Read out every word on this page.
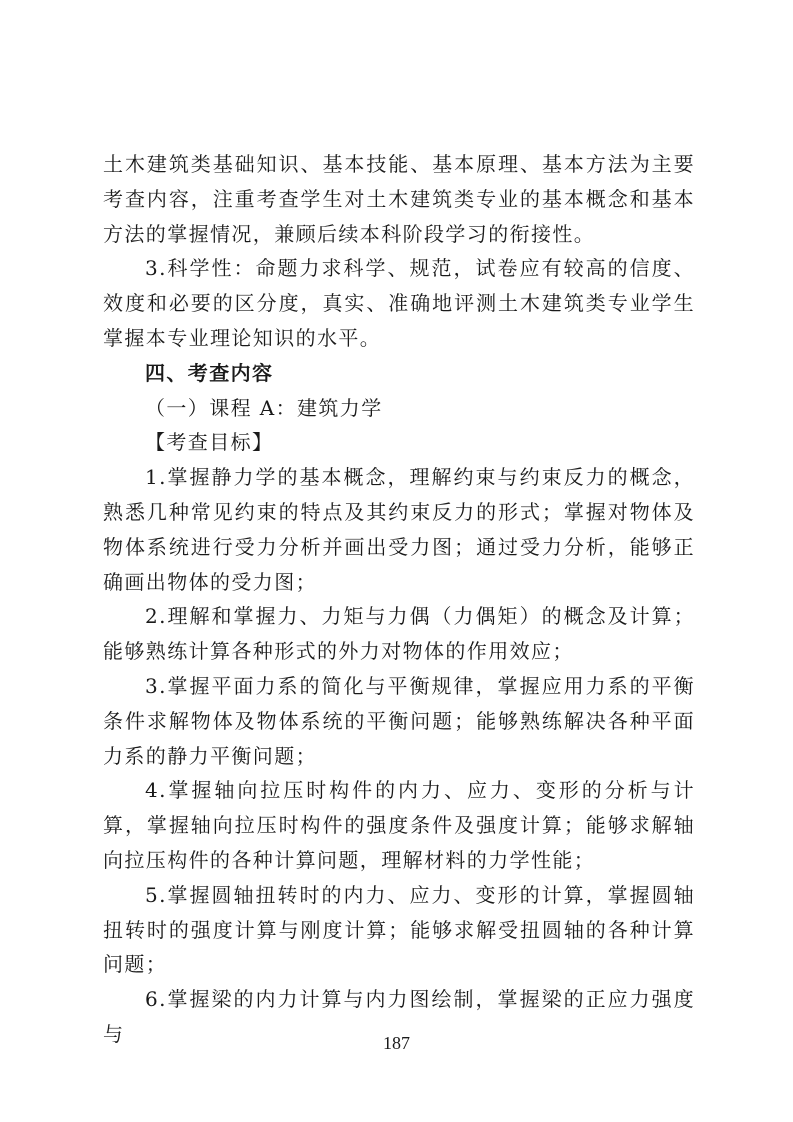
土木建筑类基础知识、基本技能、基本原理、基本方法为主要考查内容，注重考查学生对土木建筑类专业的基本概念和基本方法的掌握情况，兼顾后续本科阶段学习的衔接性。

3.科学性：命题力求科学、规范，试卷应有较高的信度、效度和必要的区分度，真实、准确地评测土木建筑类专业学生掌握本专业理论知识的水平。

四、考查内容

（一）课程 A：建筑力学

【考查目标】

1.掌握静力学的基本概念，理解约束与约束反力的概念，熟悉几种常见约束的特点及其约束反力的形式；掌握对物体及物体系统进行受力分析并画出受力图；通过受力分析，能够正确画出物体的受力图；

2.理解和掌握力、力矩与力偶（力偶矩）的概念及计算；能够熟练计算各种形式的外力对物体的作用效应；

3.掌握平面力系的简化与平衡规律，掌握应用力系的平衡条件求解物体及物体系统的平衡问题；能够熟练解决各种平面力系的静力平衡问题；

4.掌握轴向拉压时构件的内力、应力、变形的分析与计算，掌握轴向拉压时构件的强度条件及强度计算；能够求解轴向拉压构件的各种计算问题，理解材料的力学性能；

5.掌握圆轴扭转时的内力、应力、变形的计算，掌握圆轴扭转时的强度计算与刚度计算；能够求解受扭圆轴的各种计算问题；

6.掌握梁的内力计算与内力图绘制，掌握梁的正应力强度与	187
